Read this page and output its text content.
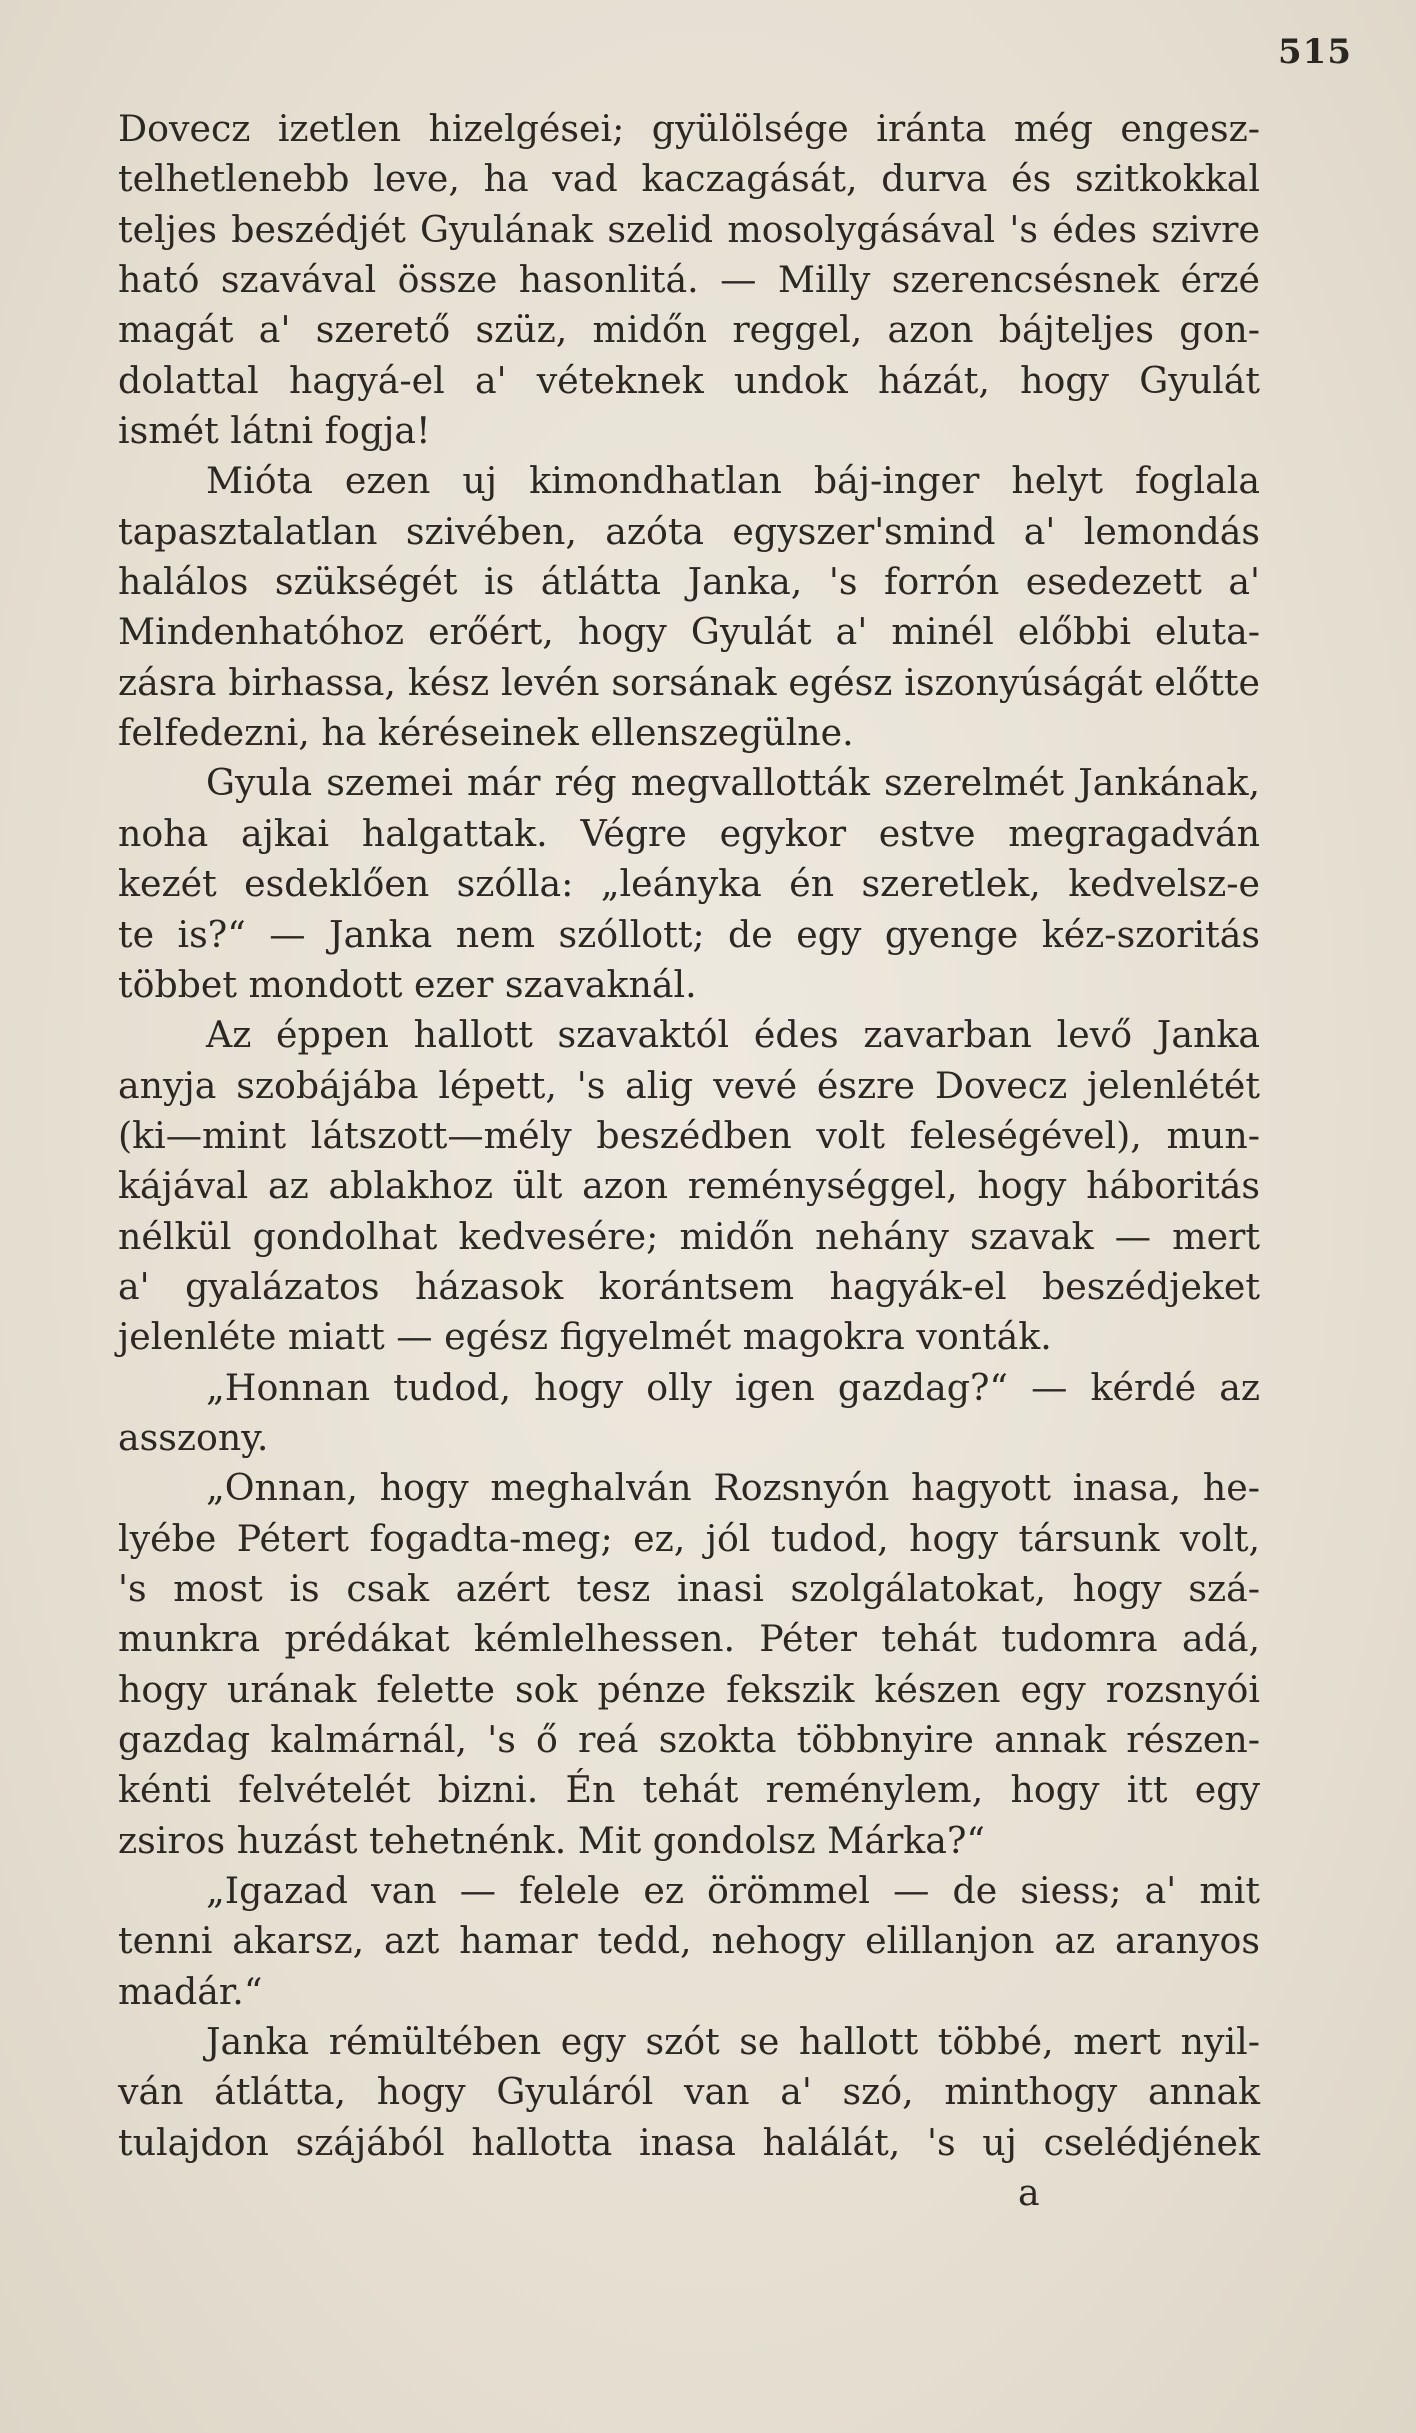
515
Dovecz izetlen hizelgései; gyülölsége iránta még engesz-
telhetlenebb leve, ha vad kaczagását, durva és szitkokkal
teljes beszédjét Gyulának szelid mosolygásával 's édes szivre
ható szavával össze hasonlitá. — Milly szerencsésnek érzé
magát a' szerető szüz, midőn reggel, azon bájteljes gon-
dolattal hagyá-el a' véteknek undok házát, hogy Gyulát
ismét látni fogja!
Mióta ezen uj kimondhatlan báj-inger helyt foglala
tapasztalatlan szivében, azóta egyszer'smind a' lemondás
halálos szükségét is átlátta Janka, 's forrón esedezett a'
Mindenhatóhoz erőért, hogy Gyulát a' minél előbbi eluta-
zásra birhassa, kész levén sorsának egész iszonyúságát előtte
felfedezni, ha kéréseinek ellenszegülne.
Gyula szemei már rég megvallották szerelmét Jankának,
noha ajkai halgattak. Végre egykor estve megragadván
kezét esdeklően szólla: „leányka én szeretlek, kedvelsz-e
te is?“ — Janka nem szóllott; de egy gyenge kéz-szoritás
többet mondott ezer szavaknál.
Az éppen hallott szavaktól édes zavarban levő Janka
anyja szobájába lépett, 's alig vevé észre Dovecz jelenlétét
(ki—mint látszott—mély beszédben volt feleségével), mun-
kájával az ablakhoz ült azon reménységgel, hogy háboritás
nélkül gondolhat kedvesére; midőn nehány szavak — mert
a' gyalázatos házasok korántsem hagyák-el beszédjeket
jelenléte miatt — egész figyelmét magokra vonták.
„Honnan tudod, hogy olly igen gazdag?“ — kérdé az
asszony.
„Onnan, hogy meghalván Rozsnyón hagyott inasa, he-
lyébe Pétert fogadta-meg; ez, jól tudod, hogy társunk volt,
's most is csak azért tesz inasi szolgálatokat, hogy szá-
munkra prédákat kémlelhessen. Péter tehát tudomra adá,
hogy urának felette sok pénze fekszik készen egy rozsnyói
gazdag kalmárnál, 's ő reá szokta többnyire annak részen-
kénti felvételét bizni. Én tehát reménylem, hogy itt egy
zsiros huzást tehetnénk. Mit gondolsz Márka?“
„Igazad van — felele ez örömmel — de siess; a' mit
tenni akarsz, azt hamar tedd, nehogy elillanjon az aranyos
madár.“
Janka rémültében egy szót se hallott többé, mert nyil-
ván átlátta, hogy Gyuláról van a' szó, minthogy annak
tulajdon szájából hallotta inasa halálát, 's uj cselédjének
a
